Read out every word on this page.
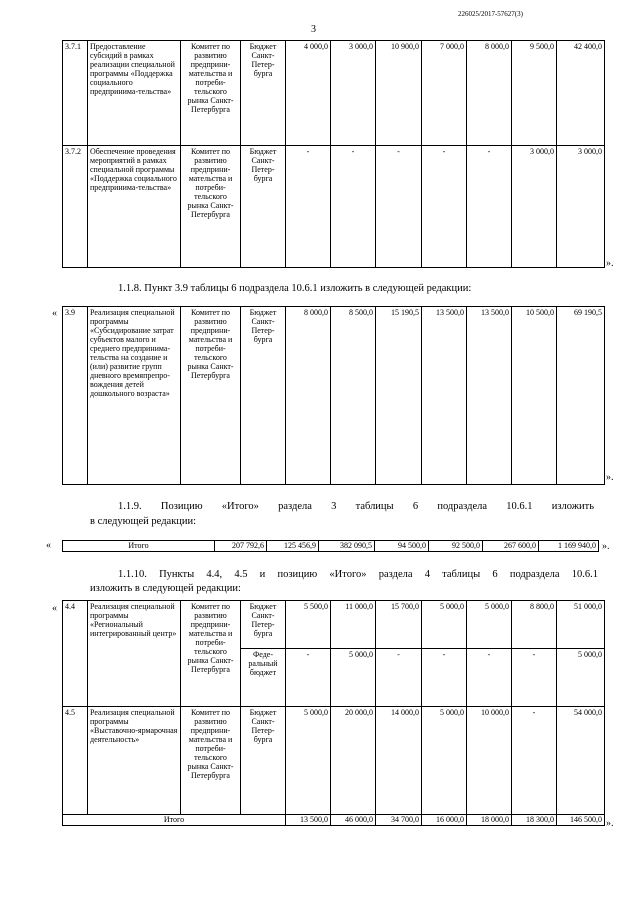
226025/2017-57627(3)
3
3.7.1	Предоставление субсидий в рамках реализации специальной программы «Поддержка социального предпринима-тельства»	Комитет по развитию предприни-мательства и потреби-тельского рынка Санкт-Петербурга	Бюджет Санкт-Петер-бурга	4 000,0	3 000,0	10 900,0	7 000,0	8 000,0	9 500,0	42 400,0
3.7.2	Обеспечение проведения мероприятий в рамках специальной программы «Поддержка социального предпринима-тельства»	Комитет по развитию предприни-мательства и потреби-тельского рынка Санкт-Петербурга	Бюджет Санкт-Петер-бурга	-	-	-	-	-	3 000,0	3 000,0
».
1.1.8. Пункт 3.9 таблицы 6 подраздела 10.6.1 изложить в следующей редакции:
« 3.9	Реализация специальной программы «Субсидирование затрат субъектов малого и среднего предпринима-тельства на создание и (или) развитие групп дневного времяпрепро-вождения детей дошкольного возраста»	Комитет по развитию предприни-мательства и потреби-тельского рынка Санкт-Петербурга	Бюджет Санкт-Петер-бурга	8 000,0	8 500,0	15 190,5	13 500,0	13 500,0	10 500,0	69 190,5
».
1.1.9. Позицию «Итого» раздела 3 таблицы 6 подраздела 10.6.1 изложить
в следующей редакции:
«	Итого	207 792,6	125 456,9	382 090,5	94 500,0	92 500,0	267 600,0	1 169 940,0 ».
1.1.10. Пункты 4.4, 4.5 и позицию «Итого» раздела 4 таблицы 6 подраздела 10.6.1
изложить в следующей редакции:
« 4.4	Реализация специальной программы «Региональный интегрированный центр»	Комитет по развитию предприни-мательства и потреби-тельского рынка Санкт-Петербурга	Бюджет Санкт-Петер-бурга	5 500,0	11 000,0	15 700,0	5 000,0	5 000,0	8 800,0	51 000,0
			Феде-ральный бюджет	-	5 000,0	-	-	-	-	5 000,0
4.5	Реализация специальной программы «Выставочно-ярмарочная деятельность»	Комитет по развитию предприни-мательства и потреби-тельского рынка Санкт-Петербурга	Бюджет Санкт-Петер-бурга	5 000,0	20 000,0	14 000,0	5 000,0	10 000,0	-	54 000,0
Итого				13 500,0	46 000,0	34 700,0	16 000,0	18 000,0	18 300,0	146 500,0 ».
